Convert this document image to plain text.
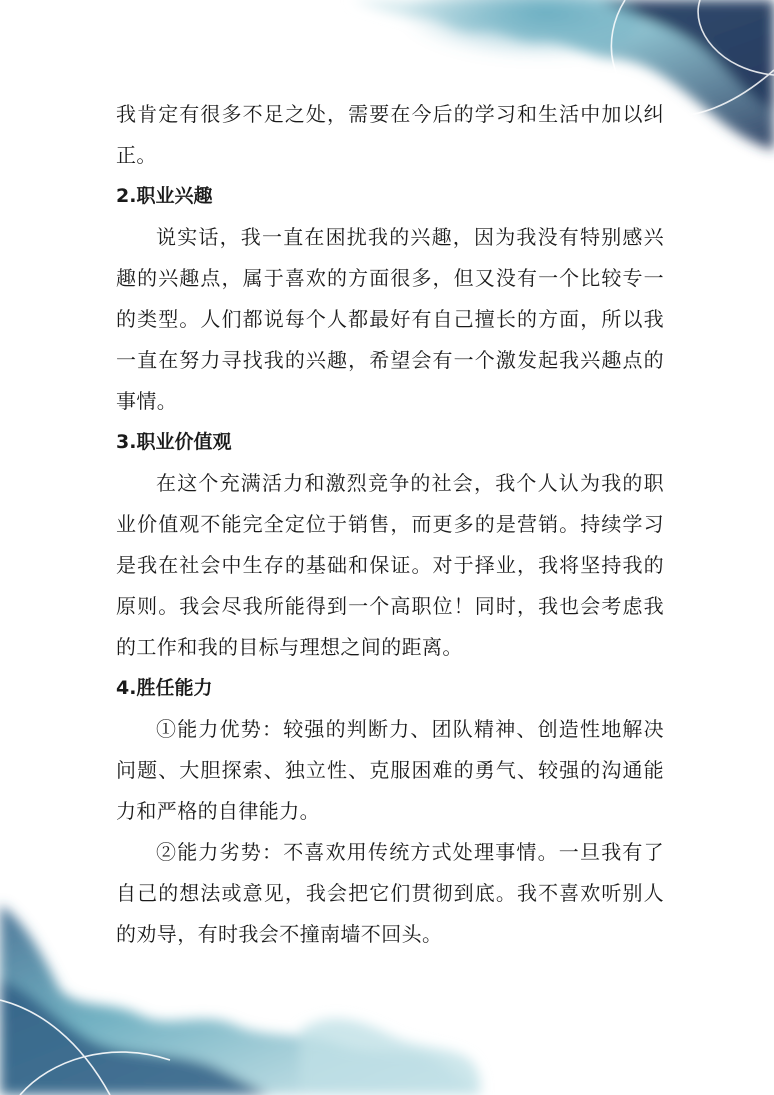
我肯定有很多不足之处，需要在今后的学习和生活中加以纠正。

2.职业兴趣

说实话，我一直在困扰我的兴趣，因为我没有特别感兴趣的兴趣点，属于喜欢的方面很多，但又没有一个比较专一的类型。人们都说每个人都最好有自己擅长的方面，所以我一直在努力寻找我的兴趣，希望会有一个激发起我兴趣点的事情。

3.职业价值观

在这个充满活力和激烈竞争的社会，我个人认为我的职业价值观不能完全定位于销售，而更多的是营销。持续学习是我在社会中生存的基础和保证。对于择业，我将坚持我的原则。我会尽我所能得到一个高职位！同时，我也会考虑我的工作和我的目标与理想之间的距离。

4.胜任能力

①能力优势：较强的判断力、团队精神、创造性地解决问题、大胆探索、独立性、克服困难的勇气、较强的沟通能力和严格的自律能力。

②能力劣势：不喜欢用传统方式处理事情。一旦我有了自己的想法或意见，我会把它们贯彻到底。我不喜欢听别人的劝导，有时我会不撞南墙不回头。
